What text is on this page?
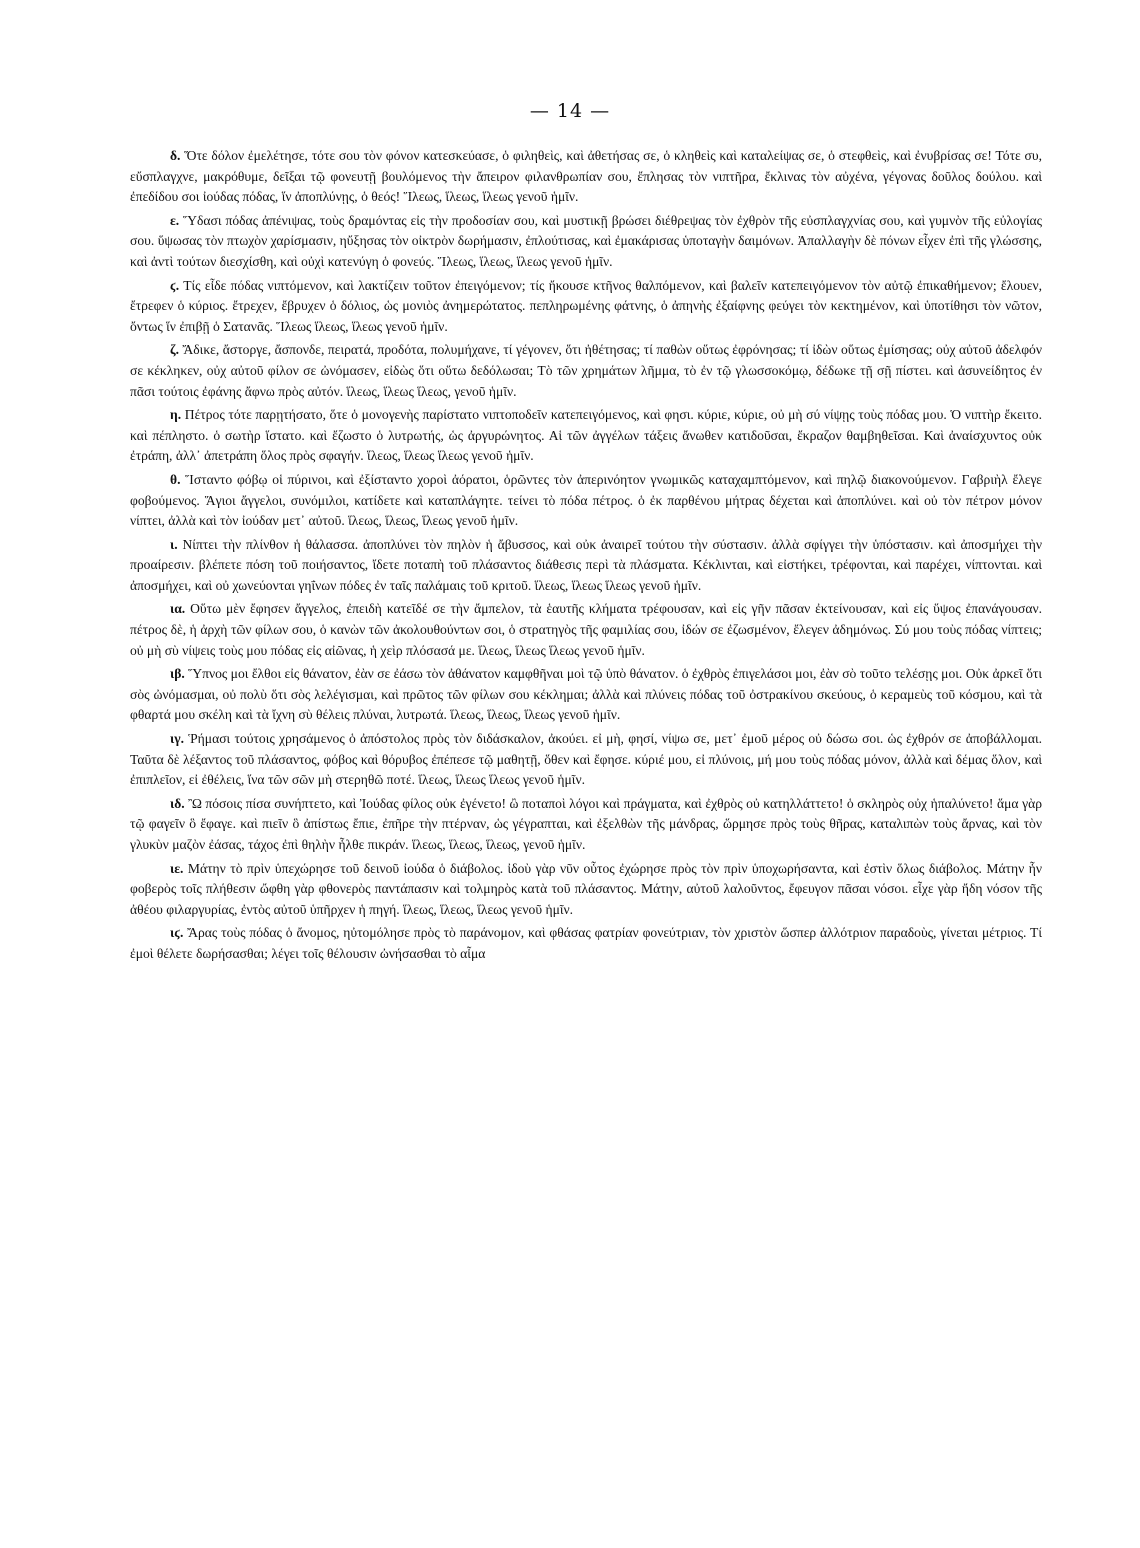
— 14 —

δ. Ὅτε δόλον ἐμελέτησε, τότε σου τὸν φόνον κατεσκεύασε, ὁ φιληθεὶς, καὶ ἀθετήσας σε, ὁ κληθεὶς καὶ καταλείψας σε, ὁ στεφθεὶς, καὶ ἐνυβρίσας σε! Τότε συ, εὔσπλαγχνε, μακρόθυμε, δεῖξαι τῷ φονευτῇ βουλόμενος τὴν ἄπειρον φιλανθρωπίαν σου, ἔπλησας τὸν νιπτῆρα, ἔκλινας τὸν αὐχένα, γέγονας δοῦλος δούλου. καὶ ἐπεδίδου σοι ἰούδας πόδας, ἵν ἀποπλύνῃς, ὁ θεός! Ἵλεως, ἵλεως, ἵλεως γενοῦ ἡμῖν.

ε. Ὕδασι πόδας ἀπένιψας, τοὺς δραμόντας εἰς τὴν προδοσίαν σου, καὶ μυστικῇ βρώσει διέθρεψας τὸν ἐχθρὸν τῆς εὐσπλαγχνίας σου, καὶ γυμνὸν τῆς εὐλογίας σου. ὕψωσας τὸν πτωχὸν χαρίσμασιν, ηὔξησας τὸν οἰκτρὸν δωρήμασιν, ἐπλούτισας, καὶ ἐμακάρισας ὑποταγὴν δαιμόνων. Ἀπαλλαγὴν δὲ πόνων εἶχεν ἐπὶ τῆς γλώσσης, καὶ ἀντὶ τούτων διεσχίσθη, καὶ οὐχὶ κατενύγη ὁ φονεύς. Ἵλεως, ἵλεως, ἵλεως γενοῦ ἡμῖν.

ϛ. Τίς εἶδε πόδας νιπτόμενον, καὶ λακτίζειν τοῦτον ἐπειγόμενον; τίς ἤκουσε κτῆνος θαλπόμενον, καὶ βαλεῖν κατεπειγόμενον τὸν αὐτῷ ἐπικαθήμενον; ἔλουεν, ἔτρεφεν ὁ κύριος. ἔτρεχεν, ἔβρυχεν ὁ δόλιος, ὡς μονιὸς ἀνημερώτατος. πεπληρωμένης φάτνης, ὁ ἀπηνὴς ἐξαίφνης φεύγει τὸν κεκτημένον, καὶ ὑποτίθησι τὸν νῶτον, ὄντως ἵν ἐπιβῇ ὁ Σατανᾶς. Ἵλεως ἵλεως, ἵλεως γενοῦ ἡμῖν.

ζ. Ἄδικε, ἄστοργε, ἄσπονδε, πειρατά, προδότα, πολυμήχανε, τί γέγονεν, ὅτι ἠθέτησας; τί παθὼν οὕτως ἐφρόνησας; τί ἰδὼν οὕτως ἐμίσησας; οὐχ αὐτοῦ ἀδελφόν σε κέκληκεν, οὐχ αὐτοῦ φίλον σε ὠνόμασεν, εἰδὼς ὅτι οὕτω δεδόλωσαι; Τὸ τῶν χρημάτων λῆμμα, τὸ ἐν τῷ γλωσσοκόμῳ, δέδωκε τῇ σῇ πίστει. καὶ ἀσυνείδητος ἐν πᾶσι τούτοις ἐφάνης ἄφνω πρὸς αὐτόν. ἵλεως, ἵλεως ἵλεως, γενοῦ ἡμῖν.

η. Πέτρος τότε παρῃτήσατο, ὅτε ὁ μονογενὴς παρίστατο νιπτοποδεῖν κατεπειγόμενος, καὶ φησι. κύριε, κύριε, οὐ μὴ σύ νίψῃς τοὺς πόδας μου. Ὁ νιπτὴρ ἔκειτο. καὶ πέπληστο. ὁ σωτὴρ ἵστατο. καὶ ἔζωστο ὁ λυτρωτής, ὡς ἀργυρώνητος. Αἱ τῶν ἀγγέλων τάξεις ἄνωθεν κατιδοῦσαι, ἔκραζον θαμβηθεῖσαι. Καὶ ἀναίσχυντος οὐκ ἐτράπη, ἀλλ᾽ ἀπετράπη ὅλος πρὸς σφαγήν. ἵλεως, ἵλεως ἵλεως γενοῦ ἡμῖν.

θ. Ἵσταντο φόβῳ οἱ πύρινοι, καὶ ἐξίσταντο χοροὶ ἀόρατοι, ὁρῶντες τὸν ἀπερινόητον γνωμικῶς καταχαμπτόμενον, καὶ πηλῷ διακονούμενον. Γαβριὴλ ἔλεγε φοβούμενος. Ἅγιοι ἄγγελοι, συνόμιλοι, κατίδετε καὶ καταπλάγητε. τείνει τὸ πόδα πέτρος. ὁ ἐκ παρθένου μήτρας δέχεται καὶ ἀποπλύνει. καὶ οὐ τὸν πέτρον μόνον νίπτει, ἀλλὰ καὶ τὸν ἰούδαν μετ᾽ αὐτοῦ. ἵλεως, ἵλεως, ἵλεως γενοῦ ἡμῖν.

ι. Νίπτει τὴν πλίνθον ἡ θάλασσα. ἀποπλύνει τὸν πηλὸν ἡ ἄβυσσος, καὶ οὐκ ἀναιρεῖ τούτου τὴν σύστασιν. ἀλλὰ σφίγγει τὴν ὑπόστασιν. καὶ ἀποσμήχει τὴν προαίρεσιν. βλέπετε πόση τοῦ ποιήσαντος, ἴδετε ποταπὴ τοῦ πλάσαντος διάθεσις περὶ τὰ πλάσματα. Κέκλινται, καὶ εἰστήκει, τρέφονται, καὶ παρέχει, νίπτονται. καὶ ἀποσμήχει, καὶ οὐ χωνεύονται γηΐνων πόδες ἐν ταῖς παλάμαις τοῦ κριτοῦ. ἵλεως, ἵλεως ἵλεως γενοῦ ἡμῖν.

ια. Οὕτω μὲν ἔφησεν ἄγγελος, ἐπειδὴ κατεῖδέ σε τὴν ἄμπελον, τὰ ἑαυτῆς κλήματα τρέφουσαν, καὶ εἰς γῆν πᾶσαν ἐκτείνουσαν, καὶ εἰς ὕψος ἐπανάγουσαν. πέτρος δὲ, ἡ ἀρχὴ τῶν φίλων σου, ὁ κανὼν τῶν ἀκολουθούντων σοι, ὁ στρατηγὸς τῆς φαμιλίας σου, ἰδών σε ἐζωσμένον, ἔλεγεν ἀδημόνως. Σύ μου τοὺς πόδας νίπτεις; οὐ μὴ σὺ νίψεις τοὺς μου πόδας εἰς αἰῶνας, ἡ χεὶρ πλόσασά με. ἵλεως, ἵλεως ἵλεως γενοῦ ἡμῖν.

ιβ. Ὕπνος μοι ἔλθοι εἰς θάνατον, ἐὰν σε ἐάσω τὸν ἀθάνατον καμφθῆναι μοὶ τῷ ὑπὸ θάνατον. ὁ ἐχθρὸς ἐπιγελάσοι μοι, ἐὰν σὸ τοῦτο τελέσῃς μοι. Οὐκ ἀρκεῖ ὅτι σὸς ὠνόμασμαι, οὐ πολὺ ὅτι σὸς λελέγισμαι, καὶ πρῶτος τῶν φίλων σου κέκλημαι; ἀλλὰ καὶ πλύνεις πόδας τοῦ ὀστρακίνου σκεύους, ὁ κεραμεὺς τοῦ κόσμου, καὶ τὰ φθαρτά μου σκέλη καὶ τὰ ἴχνη σὺ θέλεις πλύναι, λυτρωτά. ἵλεως, ἵλεως, ἵλεως γενοῦ ἡμῖν.

ιγ. Ῥήμασι τούτοις χρησάμενος ὁ ἀπόστολος πρὸς τὸν διδάσκαλον, ἀκούει. εἰ μὴ, φησί, νίψω σε, μετ᾽ ἐμοῦ μέρος οὐ δώσω σοι. ὡς ἐχθρόν σε ἀποβάλλομαι. Ταῦτα δὲ λέξαντος τοῦ πλάσαντος, φόβος καὶ θόρυβος ἐπέπεσε τῷ μαθητῇ, ὅθεν καὶ ἔφησε. κύριέ μου, εἰ πλύνοις, μή μου τοὺς πόδας μόνον, ἀλλὰ καὶ δέμας ὅλον, καὶ ἐπιπλεῖον, εἰ ἐθέλεις, ἵνα τῶν σῶν μὴ στερηθῶ ποτέ. ἵλεως, ἵλεως ἵλεως γενοῦ ἡμῖν.

ιδ. Ὢ πόσοις πίσα συνήπτετο, καὶ Ἰούδας φίλος οὐκ ἐγένετο! ὢ ποταποὶ λόγοι καὶ πράγματα, καὶ ἐχθρὸς οὐ κατηλλάττετο! ὁ σκληρὸς οὐχ ἡπαλύνετο! ἅμα γὰρ τῷ φαγεῖν ὃ ἔφαγε. καὶ πιεῖν ὃ ἀπίστως ἔπιε, ἐπῆρε τὴν πτέρναν, ὡς γέγραπται, καὶ ἐξελθὼν τῆς μάνδρας, ὥρμησε πρὸς τοὺς θῆρας, καταλιπὼν τοὺς ἄρνας, καὶ τὸν γλυκὺν μαζὸν ἐάσας, τάχος ἐπὶ θηλὴν ἦλθε πικράν. ἵλεως, ἵλεως, ἵλεως, γενοῦ ἡμῖν.

ιε. Μάτην τὸ πρὶν ὑπεχώρησε τοῦ δεινοῦ ἰούδα ὁ διάβολος. ἰδοὺ γὰρ νῦν οὗτος ἐχώρησε πρὸς τὸν πρὶν ὑποχωρήσαντα, καὶ ἐστὶν ὅλως διάβολος. Μάτην ἦν φοβερὸς τοῖς πλήθεσιν ὤφθη γὰρ φθονερὸς παντάπασιν καὶ τολμηρὸς κατὰ τοῦ πλάσαντος. Μάτην, αὐτοῦ λαλοῦντος, ἔφευγον πᾶσαι νόσοι. εἶχε γὰρ ἤδη νόσον τῆς ἀθέου φιλαργυρίας, ἐντὸς αὐτοῦ ὑπῆρχεν ἡ πηγή. ἵλεως, ἵλεως, ἵλεως γενοῦ ἡμῖν.

ιϛ. Ἄρας τοὺς πόδας ὁ ἄνομος, ηὐτομόλησε πρὸς τὸ παράνομον, καὶ φθάσας φατρίαν φονεύτριαν, τὸν χριστὸν ὥσπερ ἀλλότριον παραδοὺς, γίνεται μέτριος. Τί ἐμοὶ θέλετε δωρήσασθαι; λέγει τοῖς θέλουσιν ὠνήσασθαι τὸ αἷμα
